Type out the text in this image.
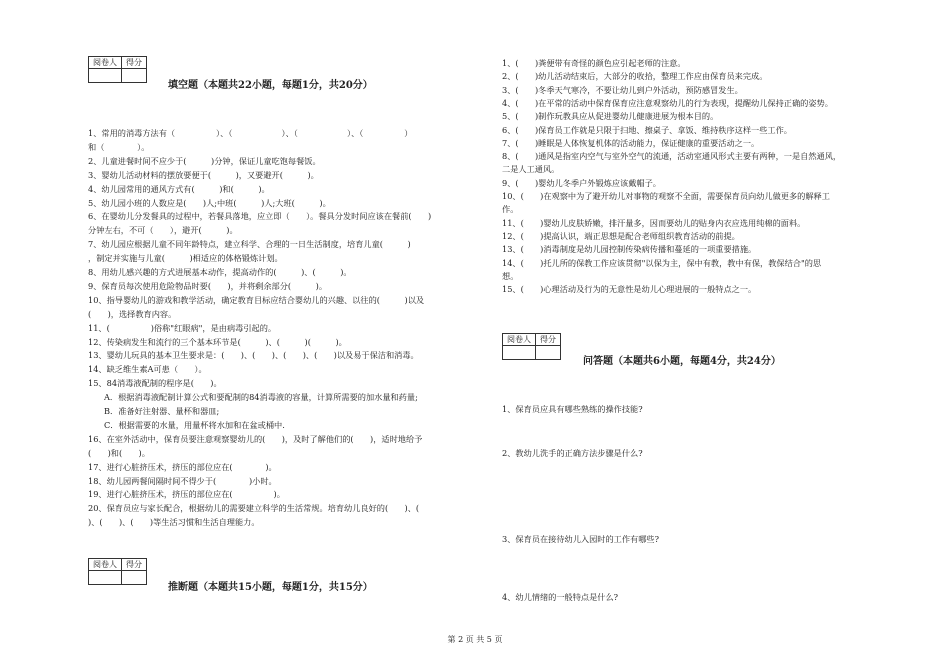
阅卷人	得分

填空题（本题共22小题，每题1分，共20分）
1、常用的消毒方法有（　　　　　）、（　　　　　　）、（　　　　　　）、（　　　　　）
和（　　　　）。
2、儿童进餐时间不应少于(　　　)分钟，保证儿童吃饱每餐饭。
3、婴幼儿活动材料的摆放要便于(　　　)，又要避开(　　　)。
4、幼儿园常用的通风方式有(　　　)和(　　　)。
5、幼儿园小班的人数应是(　　)人;中班(　　　)人;大班(　　　)。
6、在婴幼儿分发餐具的过程中，若餐具落地，应立即（　　）。餐具分发时间应该在餐前(　　)
分钟左右，不可（　　），避开(　　　)。
7、幼儿园应根据儿童不同年龄特点，建立科学、合理的一日生活制度，培育儿童(　　　)
，制定并实施与儿童(　　　)相适应的体格锻炼计划。
8、用幼儿感兴趣的方式进展基本动作，提高动作的(　　　)、(　　　)。
9、保育员每次使用危险物品时要(　　)，并将剩余部分(　　　)。
10、指导婴幼儿的游戏和教学活动，确定教育目标应结合婴幼儿的兴趣、以往的(　　　)以及
(　　)，选择教育内容。
11、(　　　　　)俗称"红眼病"，是由病毒引起的。
12、传染病发生和流行的三个基本环节是(　　　)、(　　　)(　　　)。
13、婴幼儿玩具的基本卫生要求是：(　　)、(　　)、(　　)、(　　)以及易于保洁和消毒。
14、缺乏维生素A可患（　　）。
15、84消毒液配制的程序是(　　)。
A．根据消毒液配制计算公式和要配制的84消毒液的容量，计算所需要的加水量和药量;
B．准备好注射器、量杯和器皿;
C．根据需要的水量，用量杯将水加和在盆或桶中.
16、在室外活动中，保育员要注意观察婴幼儿的(　　)，及时了解他们的(　　)，适时地给予
(　　)和(　　)。
17、进行心脏挤压术，挤压的部位应在(　　　　)。
18、幼儿园两餐间隔时间不得少于(　　　　)小时。
19、进行心脏挤压术，挤压的部位应在(　　　　　)。
20、保育员应与家长配合，根据幼儿的需要建立科学的生活常规。培育幼儿良好的(　　)、(　　
)、(　　)、(　　)等生活习惯和生活自理能力。
阅卷人	得分

推断题（本题共15小题，每题1分，共15分）
1、(　　)粪便带有奇怪的颜色应引起老师的注意。
2、(　　)幼儿活动结束后，大部分的收拾，整理工作应由保育员来完成。
3、(　　)冬季天气寒冷，不要让幼儿到户外活动，预防感冒发生。
4、(　　)在平常的活动中保育保育应注意观察幼儿的行为表现，提醒幼儿保持正确的姿势。
5、(　　)制作玩教具应从促进婴幼儿健康进展为根本目的。
6、(　　)保育员工作就是只限于扫地、擦桌子、拿饭、维持秩序这样一些工作。
7、(　　)睡眠是人体恢复机体的活动能力，保证健康的重要活动之一。
8、(　　)通风是指室内空气与室外空气的流通，活动室通风形式主要有两种，一是自然通风，
二是人工通风。
9、(　　)婴幼儿冬季户外锻炼应该戴帽子。
10、(　　)在观察中为了避开幼儿对事物的观察不全面，需要保育员向幼儿做更多的解释工
作。
11、(　　)婴幼儿皮肤娇嫩，排汗量多，因而要幼儿的贴身内衣应选用纯棉的面料。
12、(　　)提高认识，端正思想是配合老师组织教育活动的前提。
13、(　　)消毒制度是幼儿园控制传染病传播和蔓延的一项重要措施。
14、(　　)托儿所的保教工作应该贯彻"以保为主，保中有教，教中有保，教保结合"的思
想。
15、(　　)心理活动及行为的无意性是幼儿心理进展的一般特点之一。
阅卷人	得分

问答题（本题共6小题，每题4分，共24分）
1、保育员应具有哪些熟练的操作技能?
2、教幼儿洗手的正确方法步骤是什么?
3、保育员在接待幼儿入园时的工作有哪些?
4、幼儿情绪的一般特点是什么?
第 2 页 共 5 页
